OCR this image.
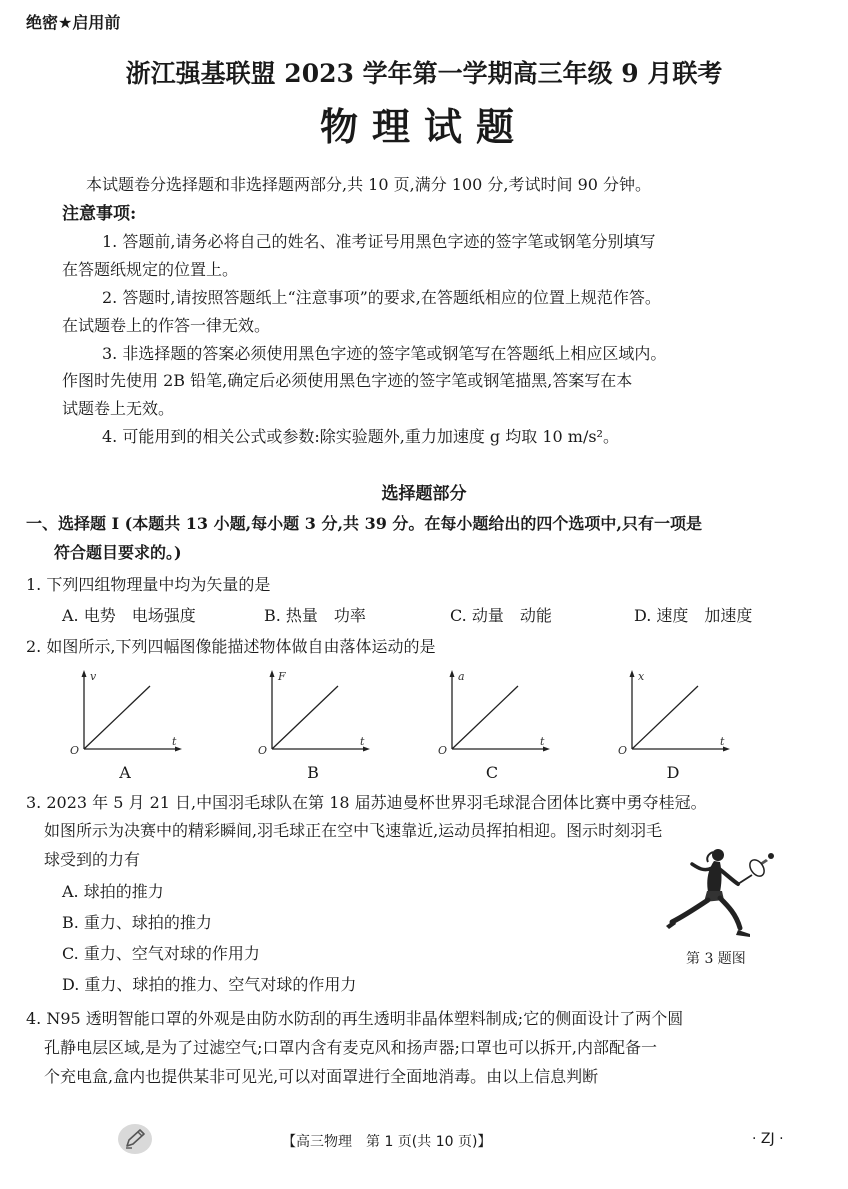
绝密★启用前
浙江强基联盟 2023 学年第一学期高三年级 9 月联考
物理试题
本试题卷分选择题和非选择题两部分,共 10 页,满分 100 分,考试时间 90 分钟。
注意事项:
1. 答题前,请务必将自己的姓名、准考证号用黑色字迹的签字笔或钢笔分别填写
在答题纸规定的位置上。
2. 答题时,请按照答题纸上“注意事项”的要求,在答题纸相应的位置上规范作答。
在试题卷上的作答一律无效。
3. 非选择题的答案必须使用黑色字迹的签字笔或钢笔写在答题纸上相应区域内。
作图时先使用 2B 铅笔,确定后必须使用黑色字迹的签字笔或钢笔描黑,答案写在本
试题卷上无效。
4. 可能用到的相关公式或参数:除实验题外,重力加速度 g 均取 10 m/s²。
选择题部分
一、选择题 I (本题共 13 小题,每小题 3 分,共 39 分。在每小题给出的四个选项中,只有一项是
符合题目要求的。)
1. 下列四组物理量中均为矢量的是
A. 电势　电场强度	B. 热量　功率	C. 动量　动能	D. 速度　加速度
2. 如图所示,下列四幅图像能描述物体做自由落体运动的是
v
t
O
A
F
t
O
B
a
t
O
C
x
t
O
D
3. 2023 年 5 月 21 日,中国羽毛球队在第 18 届苏迪曼杯世界羽毛球混合团体比赛中勇夺桂冠。
如图所示为决赛中的精彩瞬间,羽毛球正在空中飞速靠近,运动员挥拍相迎。图示时刻羽毛
球受到的力有
A. 球拍的推力
B. 重力、球拍的推力
C. 重力、空气对球的作用力
D. 重力、球拍的推力、空气对球的作用力
第 3 题图
4. N95 透明智能口罩的外观是由防水防刮的再生透明非晶体塑料制成;它的侧面设计了两个圆
孔静电层区域,是为了过滤空气;口罩内含有麦克风和扬声器;口罩也可以拆开,内部配备一
个充电盒,盒内也提供某非可见光,可以对面罩进行全面地消毒。由以上信息判断
【高三物理　第 1 页(共 10 页)】	· ZJ ·
